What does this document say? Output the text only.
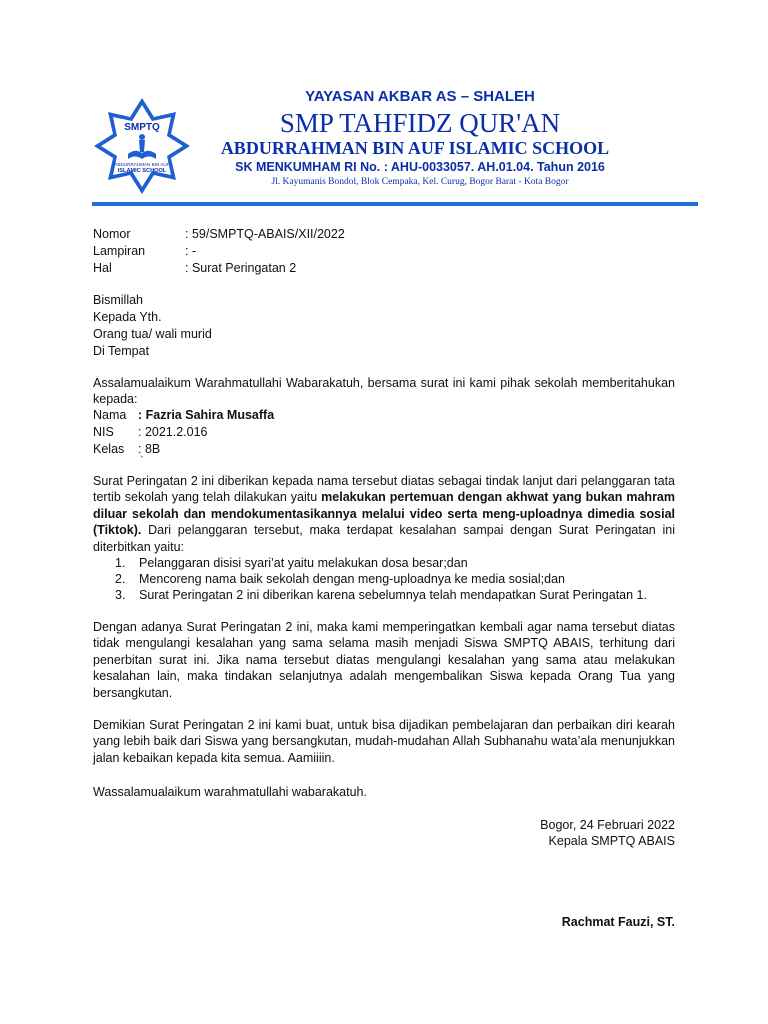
SMPTQ
ABDURRAHMAN BIN AUF
ISLAMIC SCHOOL
YAYASAN AKBAR AS – SHALEH
SMP TAHFIDZ QUR'AN
ABDURRAHMAN BIN AUF ISLAMIC SCHOOL
SK MENKUMHAM RI No. : AHU-0033057. AH.01.04. Tahun 2016
Jl. Kayumanis Bondol, Blok Cempaka, Kel. Curug, Bogor Barat - Kota Bogor
Nomor	: 59/SMPTQ-ABAIS/XII/2022
Lampiran	: -
Hal	: Surat Peringatan 2
Bismillah
Kepada Yth.
Orang tua/ wali murid
Di Tempat
Assalamualaikum Warahmatullahi Wabarakatuh, bersama surat ini kami pihak sekolah memberitahukan kepada:
Nama : Fazria Sahira Musaffa
NIS : 2021.2.016
Kelas : 8B
`
Surat Peringatan 2 ini diberikan kepada nama tersebut diatas sebagai tindak lanjut dari pelanggaran tata tertib sekolah yang telah dilakukan yaitu melakukan pertemuan dengan akhwat yang bukan mahram diluar sekolah dan mendokumentasikannya melalui video serta meng-uploadnya dimedia sosial (Tiktok). Dari pelanggaran tersebut, maka terdapat kesalahan sampai dengan Surat Peringatan ini diterbitkan yaitu:
1. Pelanggaran disisi syari’at yaitu melakukan dosa besar;dan
2. Mencoreng nama baik sekolah dengan meng-uploadnya ke media sosial;dan
3. Surat Peringatan 2 ini diberikan karena sebelumnya telah mendapatkan Surat Peringatan 1.
Dengan adanya Surat Peringatan 2 ini, maka kami memperingatkan kembali agar nama tersebut diatas tidak mengulangi kesalahan yang sama selama masih menjadi Siswa SMPTQ ABAIS, terhitung dari penerbitan surat ini. Jika nama tersebut diatas mengulangi kesalahan yang sama atau melakukan kesalahan lain, maka tindakan selanjutnya adalah mengembalikan Siswa kepada Orang Tua yang bersangkutan.
Demikian Surat Peringatan 2 ini kami buat, untuk bisa dijadikan pembelajaran dan perbaikan diri kearah yang lebih baik dari Siswa yang bersangkutan, mudah-mudahan Allah Subhanahu wata’ala menunjukkan jalan kebaikan kepada kita semua. Aamiiiin.
Wassalamualaikum warahmatullahi wabarakatuh.
Bogor, 24 Februari 2022
Kepala SMPTQ ABAIS
Rachmat Fauzi, ST.
